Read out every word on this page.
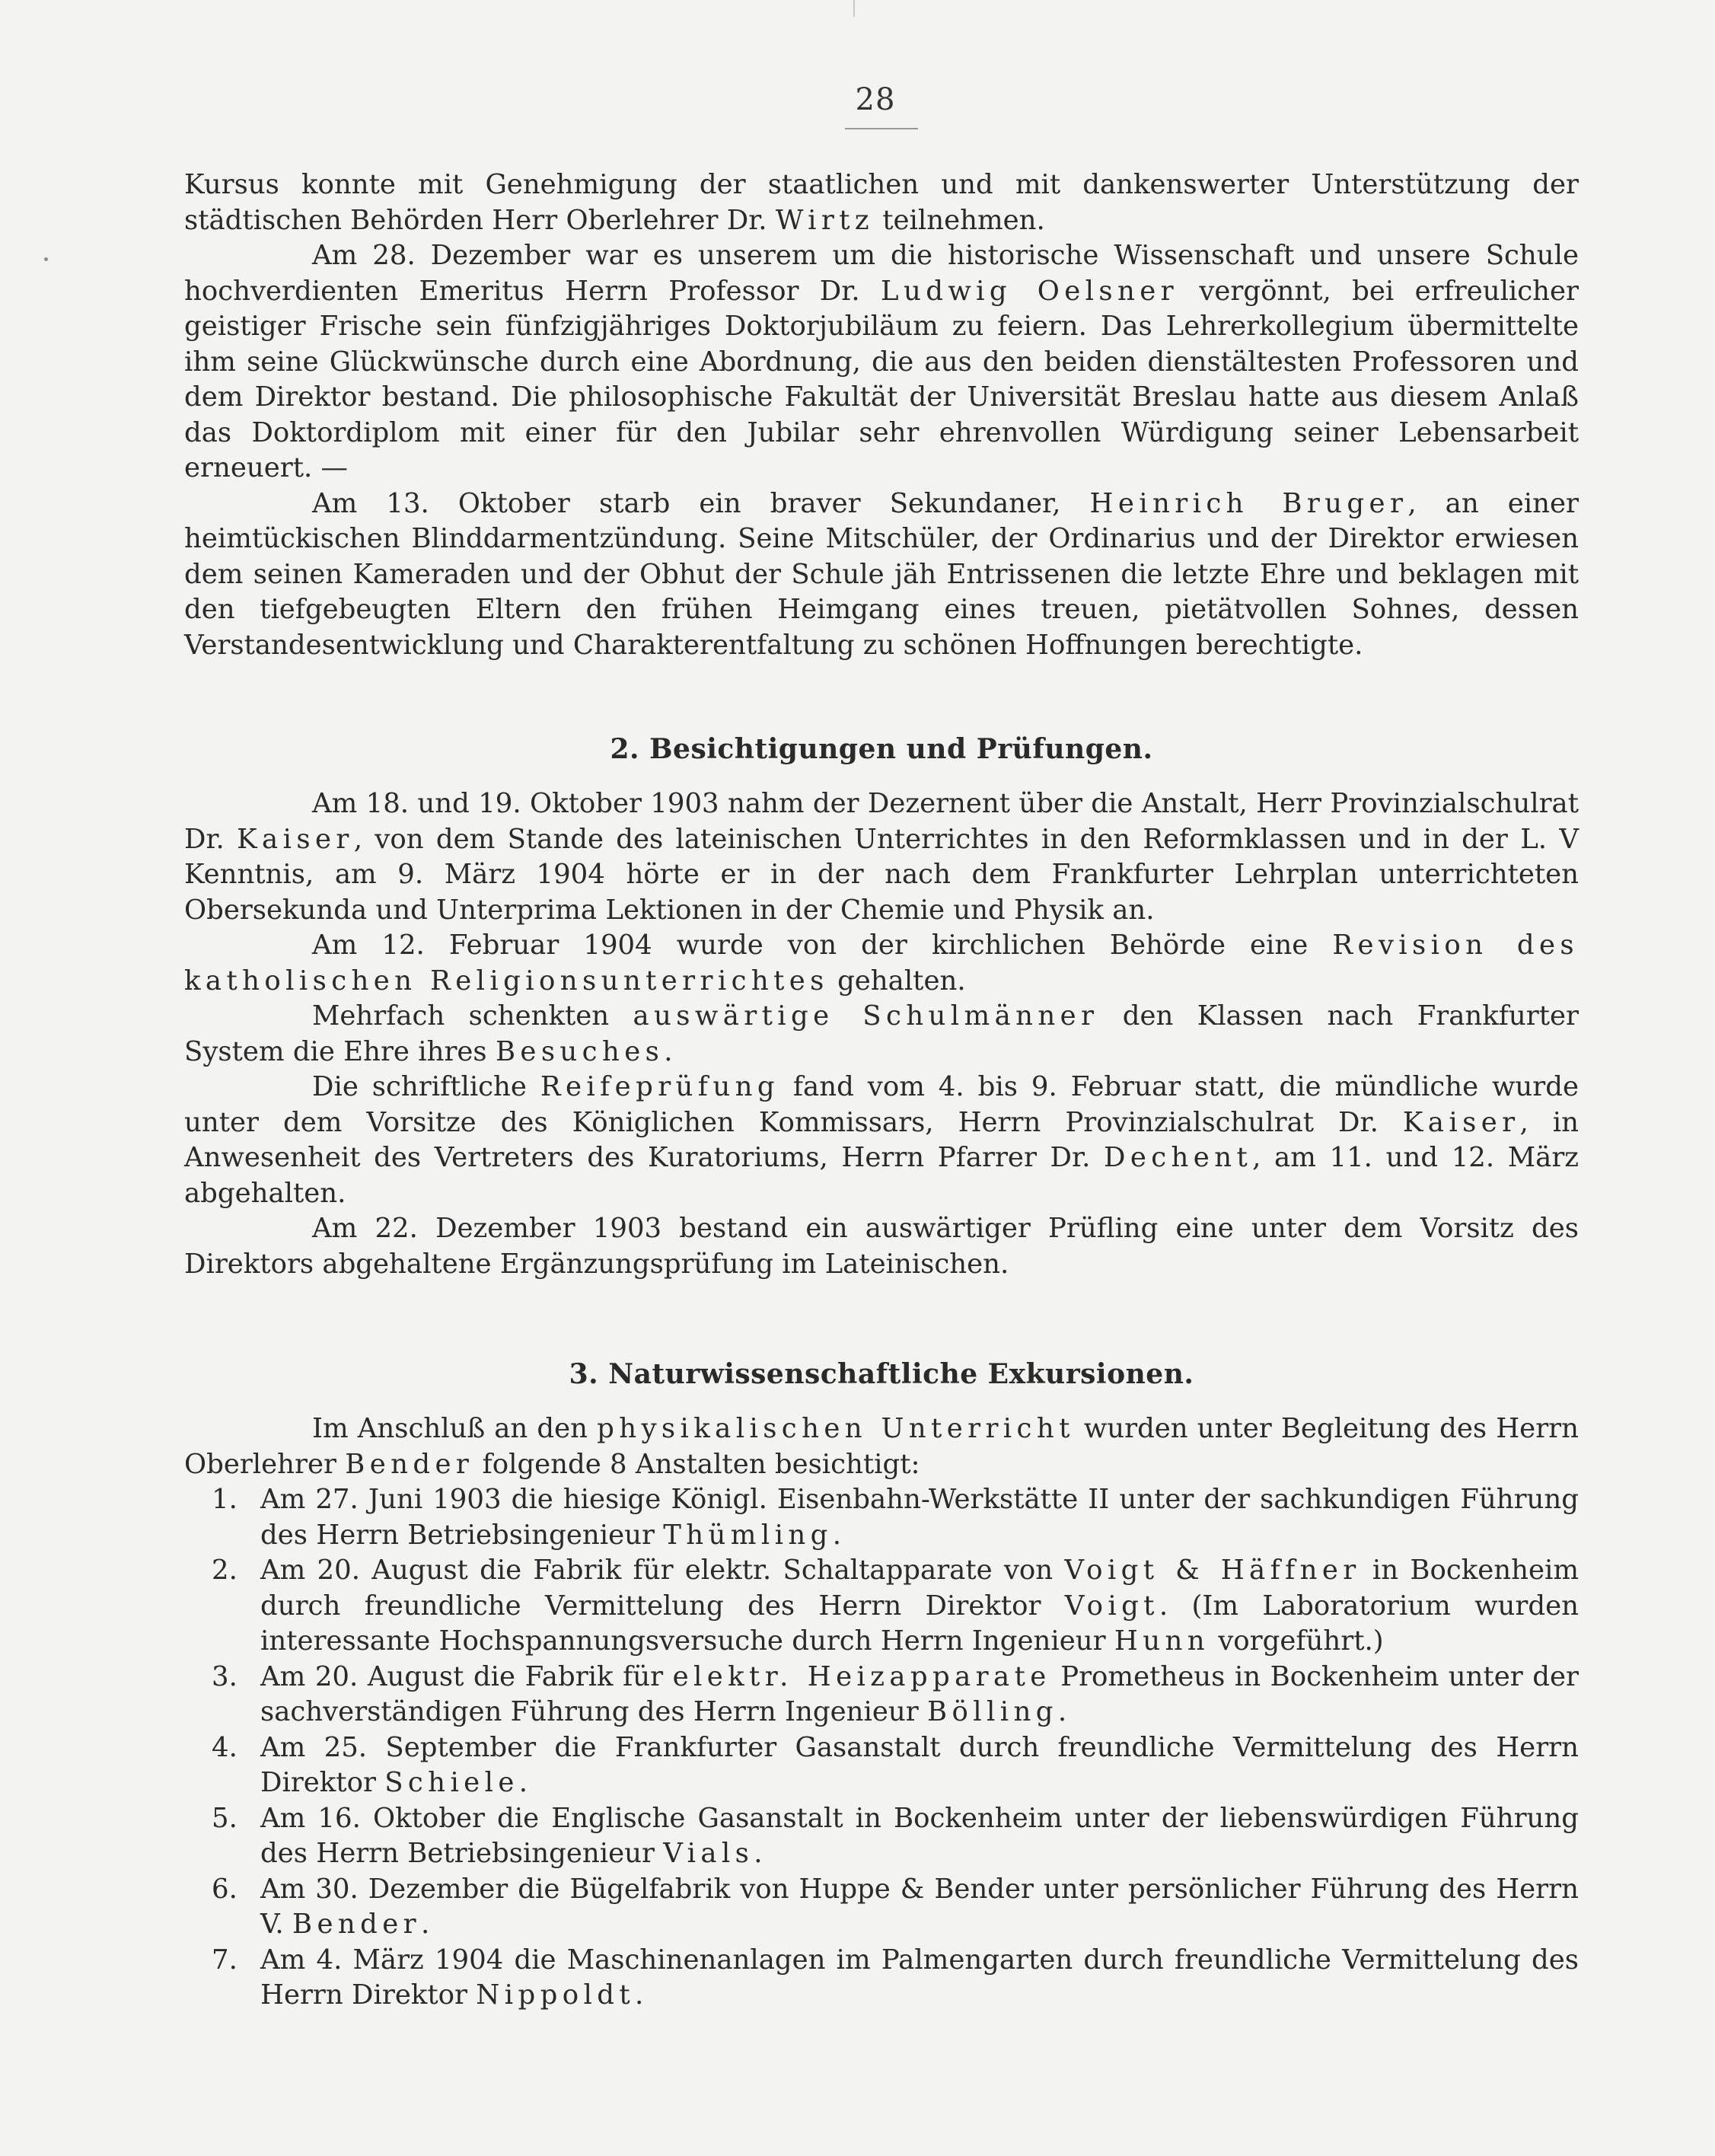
28

Kursus konnte mit Genehmigung der staatlichen und mit dankenswerter Unterstützung der städtischen Behörden Herr Oberlehrer Dr. Wirtz teilnehmen.

Am 28. Dezember war es unserem um die historische Wissenschaft und unsere Schule hochverdienten Emeritus Herrn Professor Dr. Ludwig Oelsner vergönnt, bei erfreulicher geistiger Frische sein fünfzigjähriges Doktorjubiläum zu feiern. Das Lehrerkollegium übermittelte ihm seine Glückwünsche durch eine Abordnung, die aus den beiden dienstältesten Professoren und dem Direktor bestand. Die philosophische Fakultät der Universität Breslau hatte aus diesem Anlaß das Doktordiplom mit einer für den Jubilar sehr ehrenvollen Würdigung seiner Lebensarbeit erneuert. —

Am 13. Oktober starb ein braver Sekundaner, Heinrich Bruger, an einer heimtückischen Blinddarmentzündung. Seine Mitschüler, der Ordinarius und der Direktor erwiesen dem seinen Kameraden und der Obhut der Schule jäh Entrissenen die letzte Ehre und beklagen mit den tiefgebeugten Eltern den frühen Heimgang eines treuen, pietätvollen Sohnes, dessen Verstandesentwicklung und Charakterentfaltung zu schönen Hoffnungen berechtigte.

2. Besichtigungen und Prüfungen.

Am 18. und 19. Oktober 1903 nahm der Dezernent über die Anstalt, Herr Provinzialschulrat Dr. Kaiser, von dem Stande des lateinischen Unterrichtes in den Reformklassen und in der L. V Kenntnis, am 9. März 1904 hörte er in der nach dem Frankfurter Lehrplan unterrichteten Obersekunda und Unterprima Lektionen in der Chemie und Physik an.

Am 12. Februar 1904 wurde von der kirchlichen Behörde eine Revision des katholischen Religionsunterrichtes gehalten.

Mehrfach schenkten auswärtige Schulmänner den Klassen nach Frankfurter System die Ehre ihres Besuches.

Die schriftliche Reifeprüfung fand vom 4. bis 9. Februar statt, die mündliche wurde unter dem Vorsitze des Königlichen Kommissars, Herrn Provinzialschulrat Dr. Kaiser, in Anwesenheit des Vertreters des Kuratoriums, Herrn Pfarrer Dr. Dechent, am 11. und 12. März abgehalten.

Am 22. Dezember 1903 bestand ein auswärtiger Prüfling eine unter dem Vorsitz des Direktors abgehaltene Ergänzungsprüfung im Lateinischen.

3. Naturwissenschaftliche Exkursionen.

Im Anschluß an den physikalischen Unterricht wurden unter Begleitung des Herrn Oberlehrer Bender folgende 8 Anstalten besichtigt:

1. Am 27. Juni 1903 die hiesige Königl. Eisenbahn-Werkstätte II unter der sachkundigen Führung des Herrn Betriebsingenieur Thümling.
2. Am 20. August die Fabrik für elektr. Schaltapparate von Voigt & Häffner in Bockenheim durch freundliche Vermittelung des Herrn Direktor Voigt. (Im Laboratorium wurden interessante Hochspannungsversuche durch Herrn Ingenieur Hunn vorgeführt.)
3. Am 20. August die Fabrik für elektr. Heizapparate Prometheus in Bockenheim unter der sachverständigen Führung des Herrn Ingenieur Bölling.
4. Am 25. September die Frankfurter Gasanstalt durch freundliche Vermittelung des Herrn Direktor Schiele.
5. Am 16. Oktober die Englische Gasanstalt in Bockenheim unter der liebenswürdigen Führung des Herrn Betriebsingenieur Vials.
6. Am 30. Dezember die Bügelfabrik von Huppe & Bender unter persönlicher Führung des Herrn V. Bender.
7. Am 4. März 1904 die Maschinenanlagen im Palmengarten durch freundliche Vermittelung des Herrn Direktor Nippoldt.
